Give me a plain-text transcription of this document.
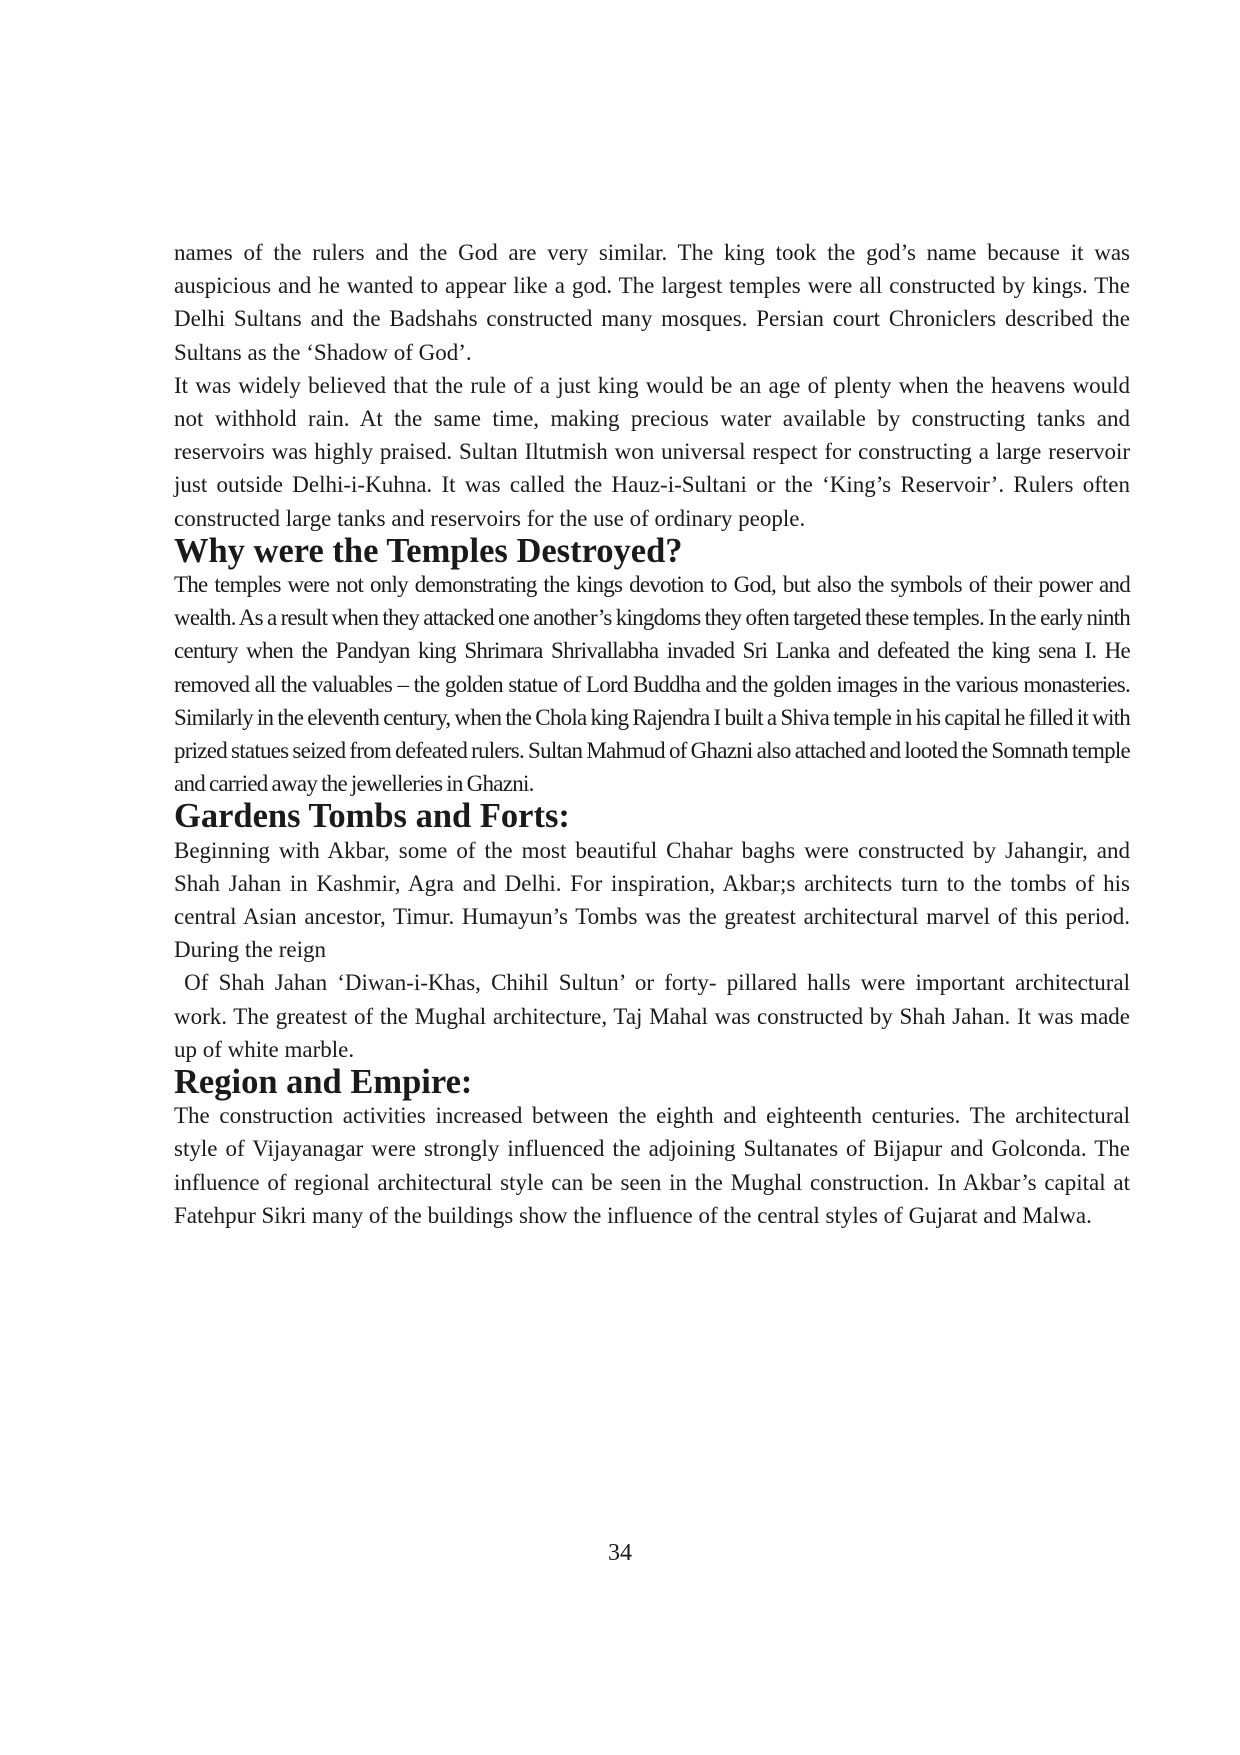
names of the rulers and the God are very similar. The king took the god’s name because it was auspicious and he wanted to appear like a god. The largest temples were all constructed by kings. The Delhi Sultans and the Badshahs constructed many mosques. Persian court Chroniclers described the Sultans as the ‘Shadow of God’.

It was widely believed that the rule of a just king would be an age of plenty when the heavens would not withhold rain. At the same time, making precious water available by constructing tanks and reservoirs was highly praised. Sultan Iltutmish won universal respect for constructing a large reservoir just outside Delhi-i-Kuhna. It was called the Hauz-i-Sultani or the ‘King’s Reservoir’. Rulers often constructed large tanks and reservoirs for the use of ordinary people.

Why were the Temples Destroyed?

The temples were not only demonstrating the kings devotion to God, but also the symbols of their power and wealth. As a result when they attacked one another’s kingdoms they often targeted these temples. In the early ninth century when the Pandyan king Shrimara Shrivallabha invaded Sri Lanka and defeated the king sena I. He removed all the valuables – the golden statue of Lord Buddha and the golden images in the various monasteries. Similarly in the eleventh century, when the Chola king Rajendra I built a Shiva temple in his capital he filled it with prized statues seized from defeated rulers. Sultan Mahmud of Ghazni also attached and looted the Somnath temple and carried away the jewelleries in Ghazni.

Gardens Tombs and Forts:

Beginning with Akbar, some of the most beautiful Chahar baghs were constructed by Jahangir, and Shah Jahan in Kashmir, Agra and Delhi. For inspiration, Akbar;s architects turn to the tombs of his central Asian ancestor, Timur. Humayun’s Tombs was the greatest architectural marvel of this period. During the reign

Of Shah Jahan ‘Diwan-i-Khas, Chihil Sultun’ or forty- pillared halls were important architectural work. The greatest of the Mughal architecture, Taj Mahal was constructed by Shah Jahan. It was made up of white marble.

Region and Empire:

The construction activities increased between the eighth and eighteenth centuries. The architectural style of Vijayanagar were strongly influenced the adjoining Sultanates of Bijapur and Golconda. The influence of regional architectural style can be seen in the Mughal construction. In Akbar’s capital at Fatehpur Sikri many of the buildings show the influence of the central styles of Gujarat and Malwa.

34
